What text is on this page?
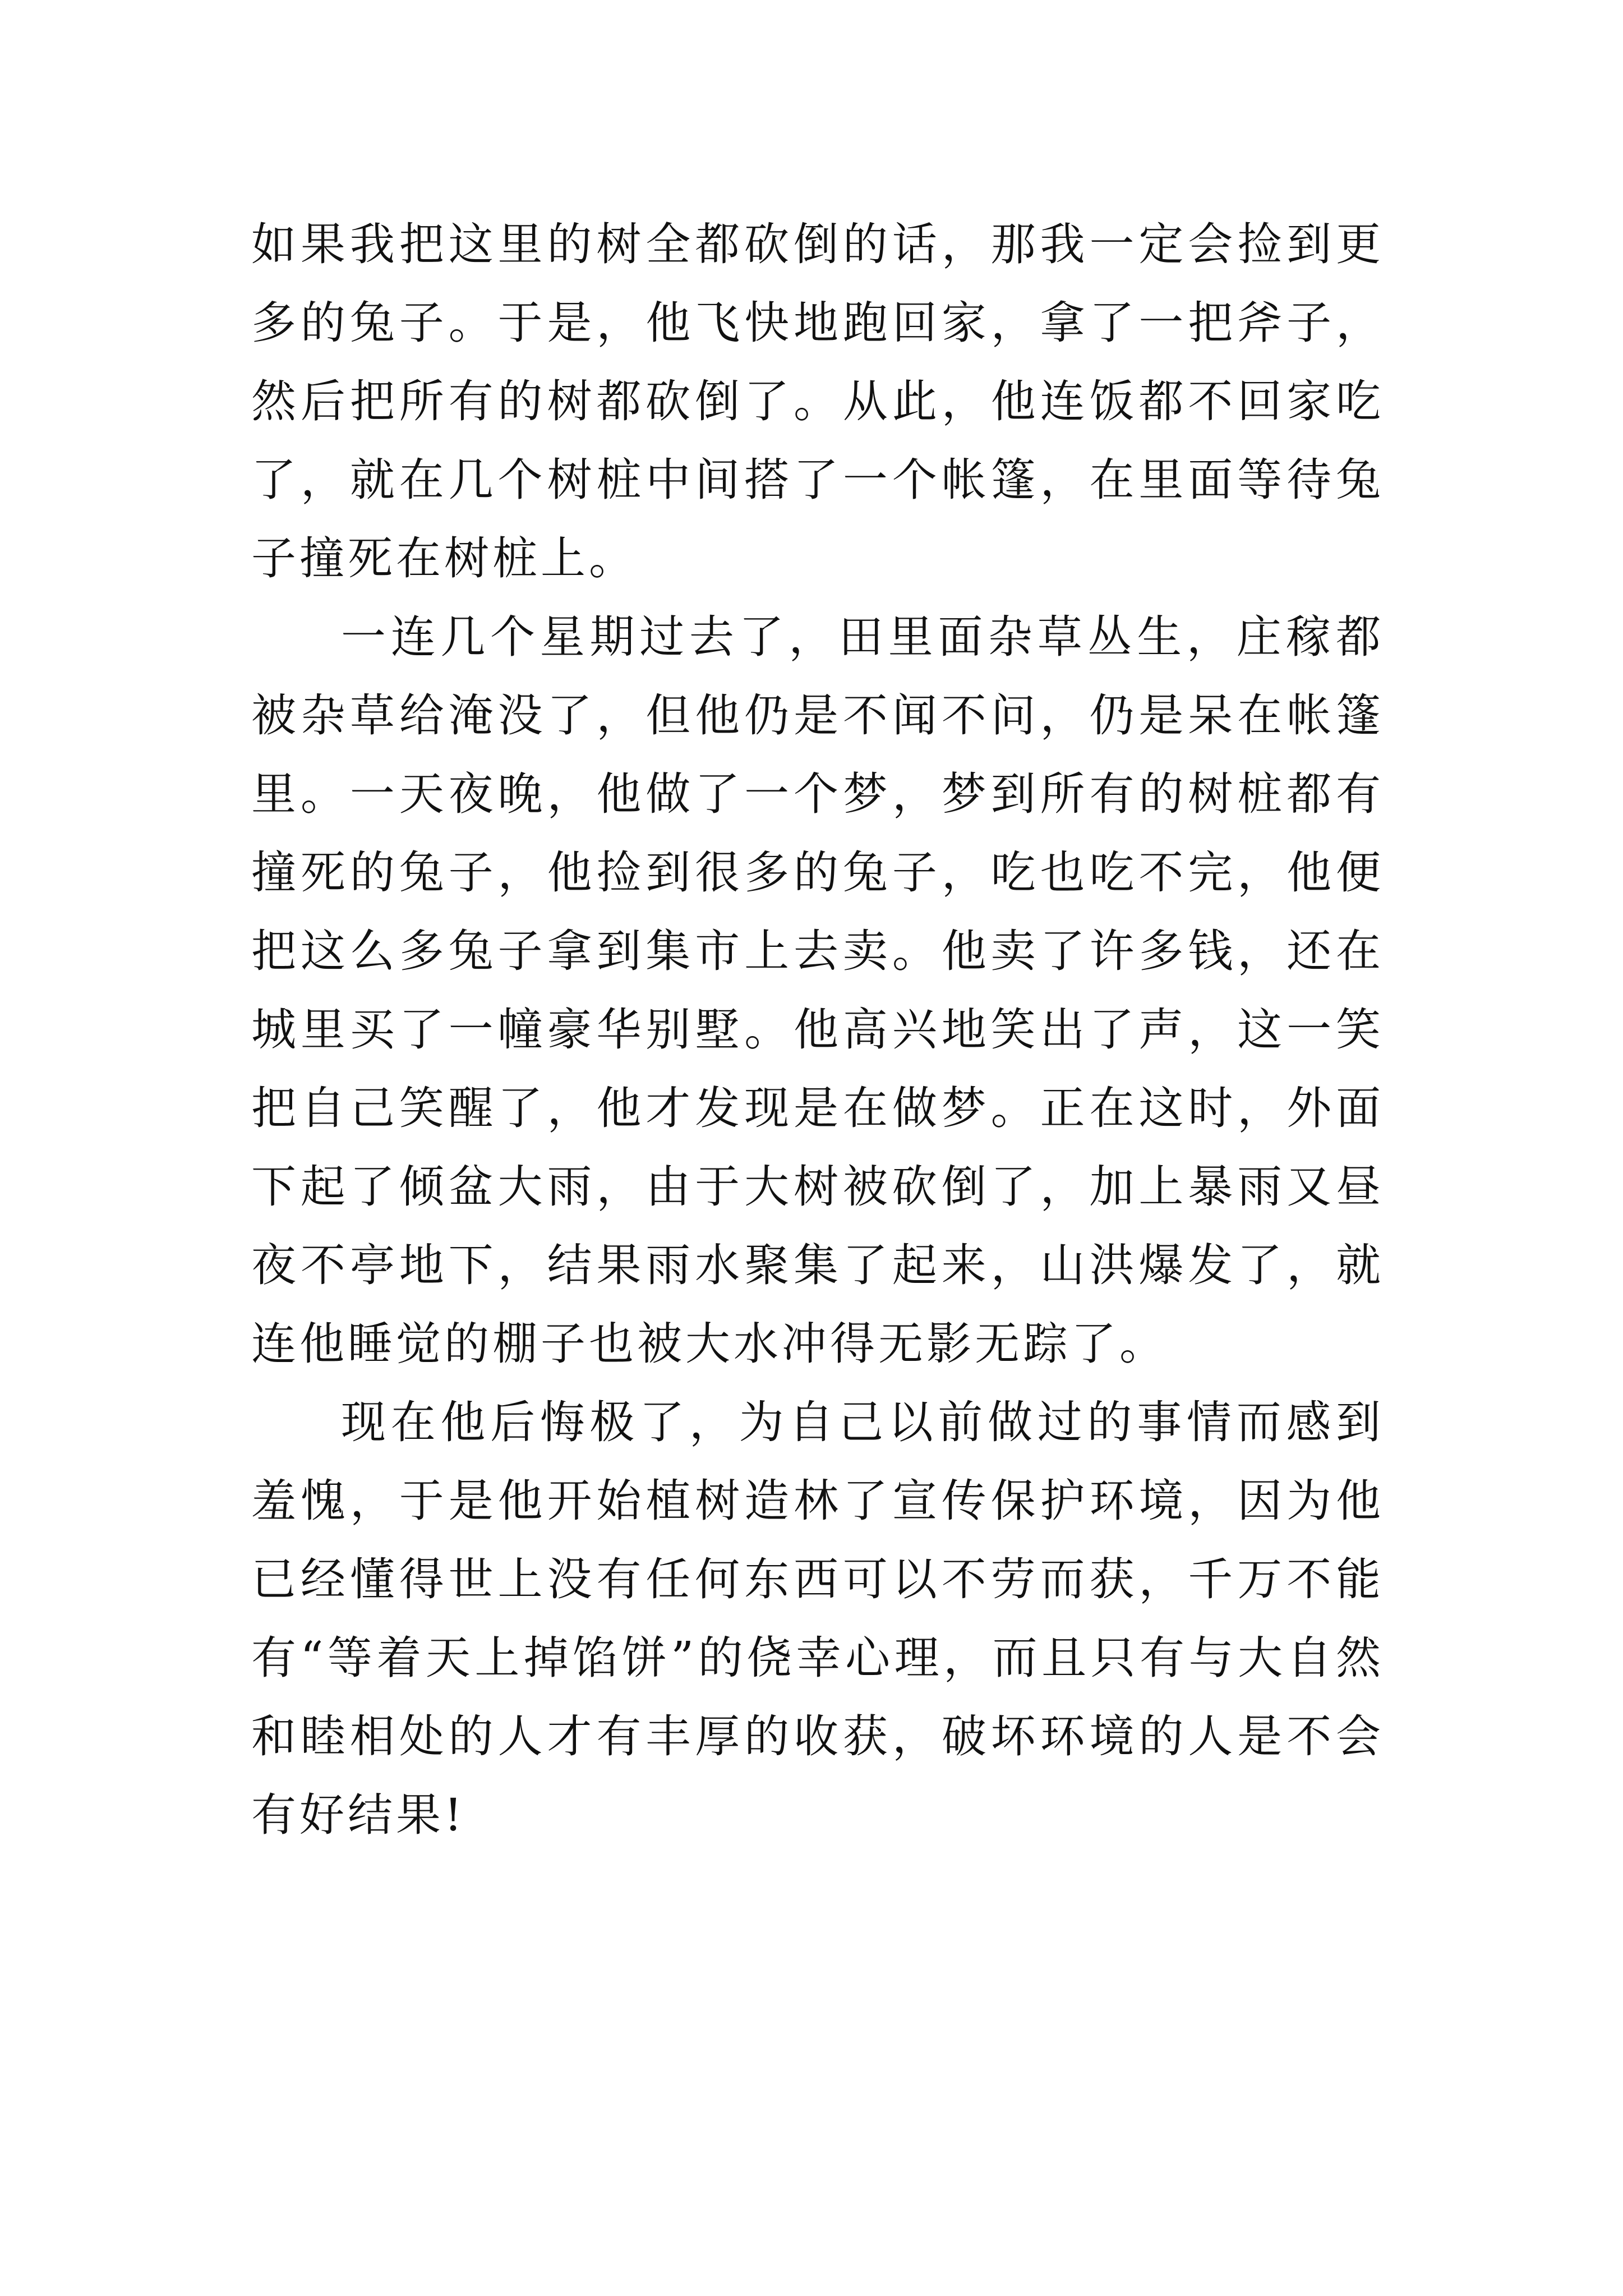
如果我把这里的树全都砍倒的话，那我一定会捡到更多的兔子。于是，他飞快地跑回家，拿了一把斧子，然后把所有的树都砍倒了。从此，他连饭都不回家吃了，就在几个树桩中间搭了一个帐篷，在里面等待兔子撞死在树桩上。

一连几个星期过去了，田里面杂草丛生，庄稼都被杂草给淹没了，但他仍是不闻不问，仍是呆在帐篷里。一天夜晚，他做了一个梦，梦到所有的树桩都有撞死的兔子，他捡到很多的兔子，吃也吃不完，他便把这么多兔子拿到集市上去卖。他卖了许多钱，还在城里买了一幢豪华别墅。他高兴地笑出了声，这一笑把自己笑醒了，他才发现是在做梦。正在这时，外面下起了倾盆大雨，由于大树被砍倒了，加上暴雨又昼夜不亭地下，结果雨水聚集了起来，山洪爆发了，就连他睡觉的棚子也被大水冲得无影无踪了。

现在他后悔极了，为自己以前做过的事情而感到羞愧，于是他开始植树造林了宣传保护环境，因为他已经懂得世上没有任何东西可以不劳而获，千万不能有“等着天上掉馅饼”的侥幸心理，而且只有与大自然和睦相处的人才有丰厚的收获，破坏环境的人是不会有好结果!
